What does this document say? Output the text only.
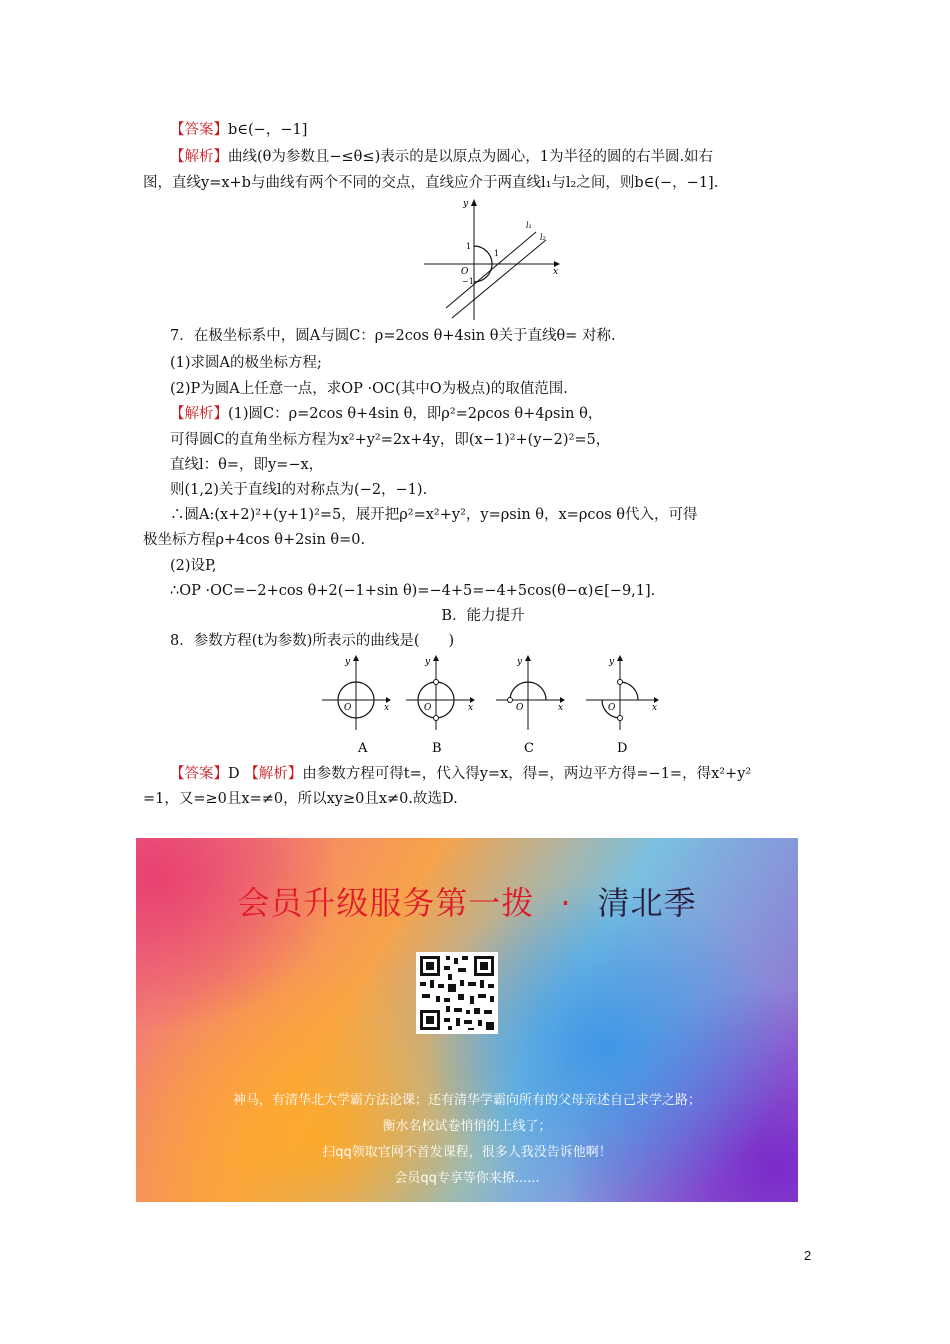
【答案】b∈(−，−1]
【解析】曲线(θ为参数且−≤θ≤)表示的是以原点为圆心，1为半径的圆的右半圆.如右
图，直线y=x+b与曲线有两个不同的交点，直线应介于两直线l₁与l₂之间，则b∈(−，−1].
y
x
O
1
1
−1
l₁
l₂
7．在极坐标系中，圆A与圆C：ρ=2cos θ+4sin θ关于直线θ= 对称.
(1)求圆A的极坐标方程;
(2)P为圆A上任意一点，求OP ·OC(其中O为极点)的取值范围.
【解析】(1)圆C：ρ=2cos θ+4sin θ，即ρ²=2ρcos θ+4ρsin θ，
可得圆C的直角坐标方程为x²+y²=2x+4y，即(x−1)²+(y−2)²=5，
直线l：θ=，即y=−x，
则(1,2)关于直线l的对称点为(−2，−1).
∴圆A:(x+2)²+(y+1)²=5，展开把ρ²=x²+y²，y=ρsin θ，x=ρcos θ代入，可得
极坐标方程ρ+4cos θ+2sin θ=0.
(2)设P,
∴OP ·OC=−2+cos θ+2(−1+sin θ)=−4+5=−4+5cos(θ−α)∈[−9,1].
B．能力提升
8．参数方程(t为参数)所表示的曲线是(　　)
y
x
O
y
x
O
y
x
O
y
x
O
A	B	C	D
【答案】D 【解析】由参数方程可得t=，代入得y=x，得=，两边平方得=−1=，得x²+y²
=1，又=≥0且x=≠0，所以xy≥0且x≠0.故选D.
会员升级服务第一拨 · 清北季
神马，有清华北大学霸方法论课；还有清华学霸向所有的父母亲述自己求学之路；
衡水名校试卷悄悄的上线了；
扫qq领取官网不首发课程，很多人我没告诉他啊！
会员qq专享等你来撩......
2
